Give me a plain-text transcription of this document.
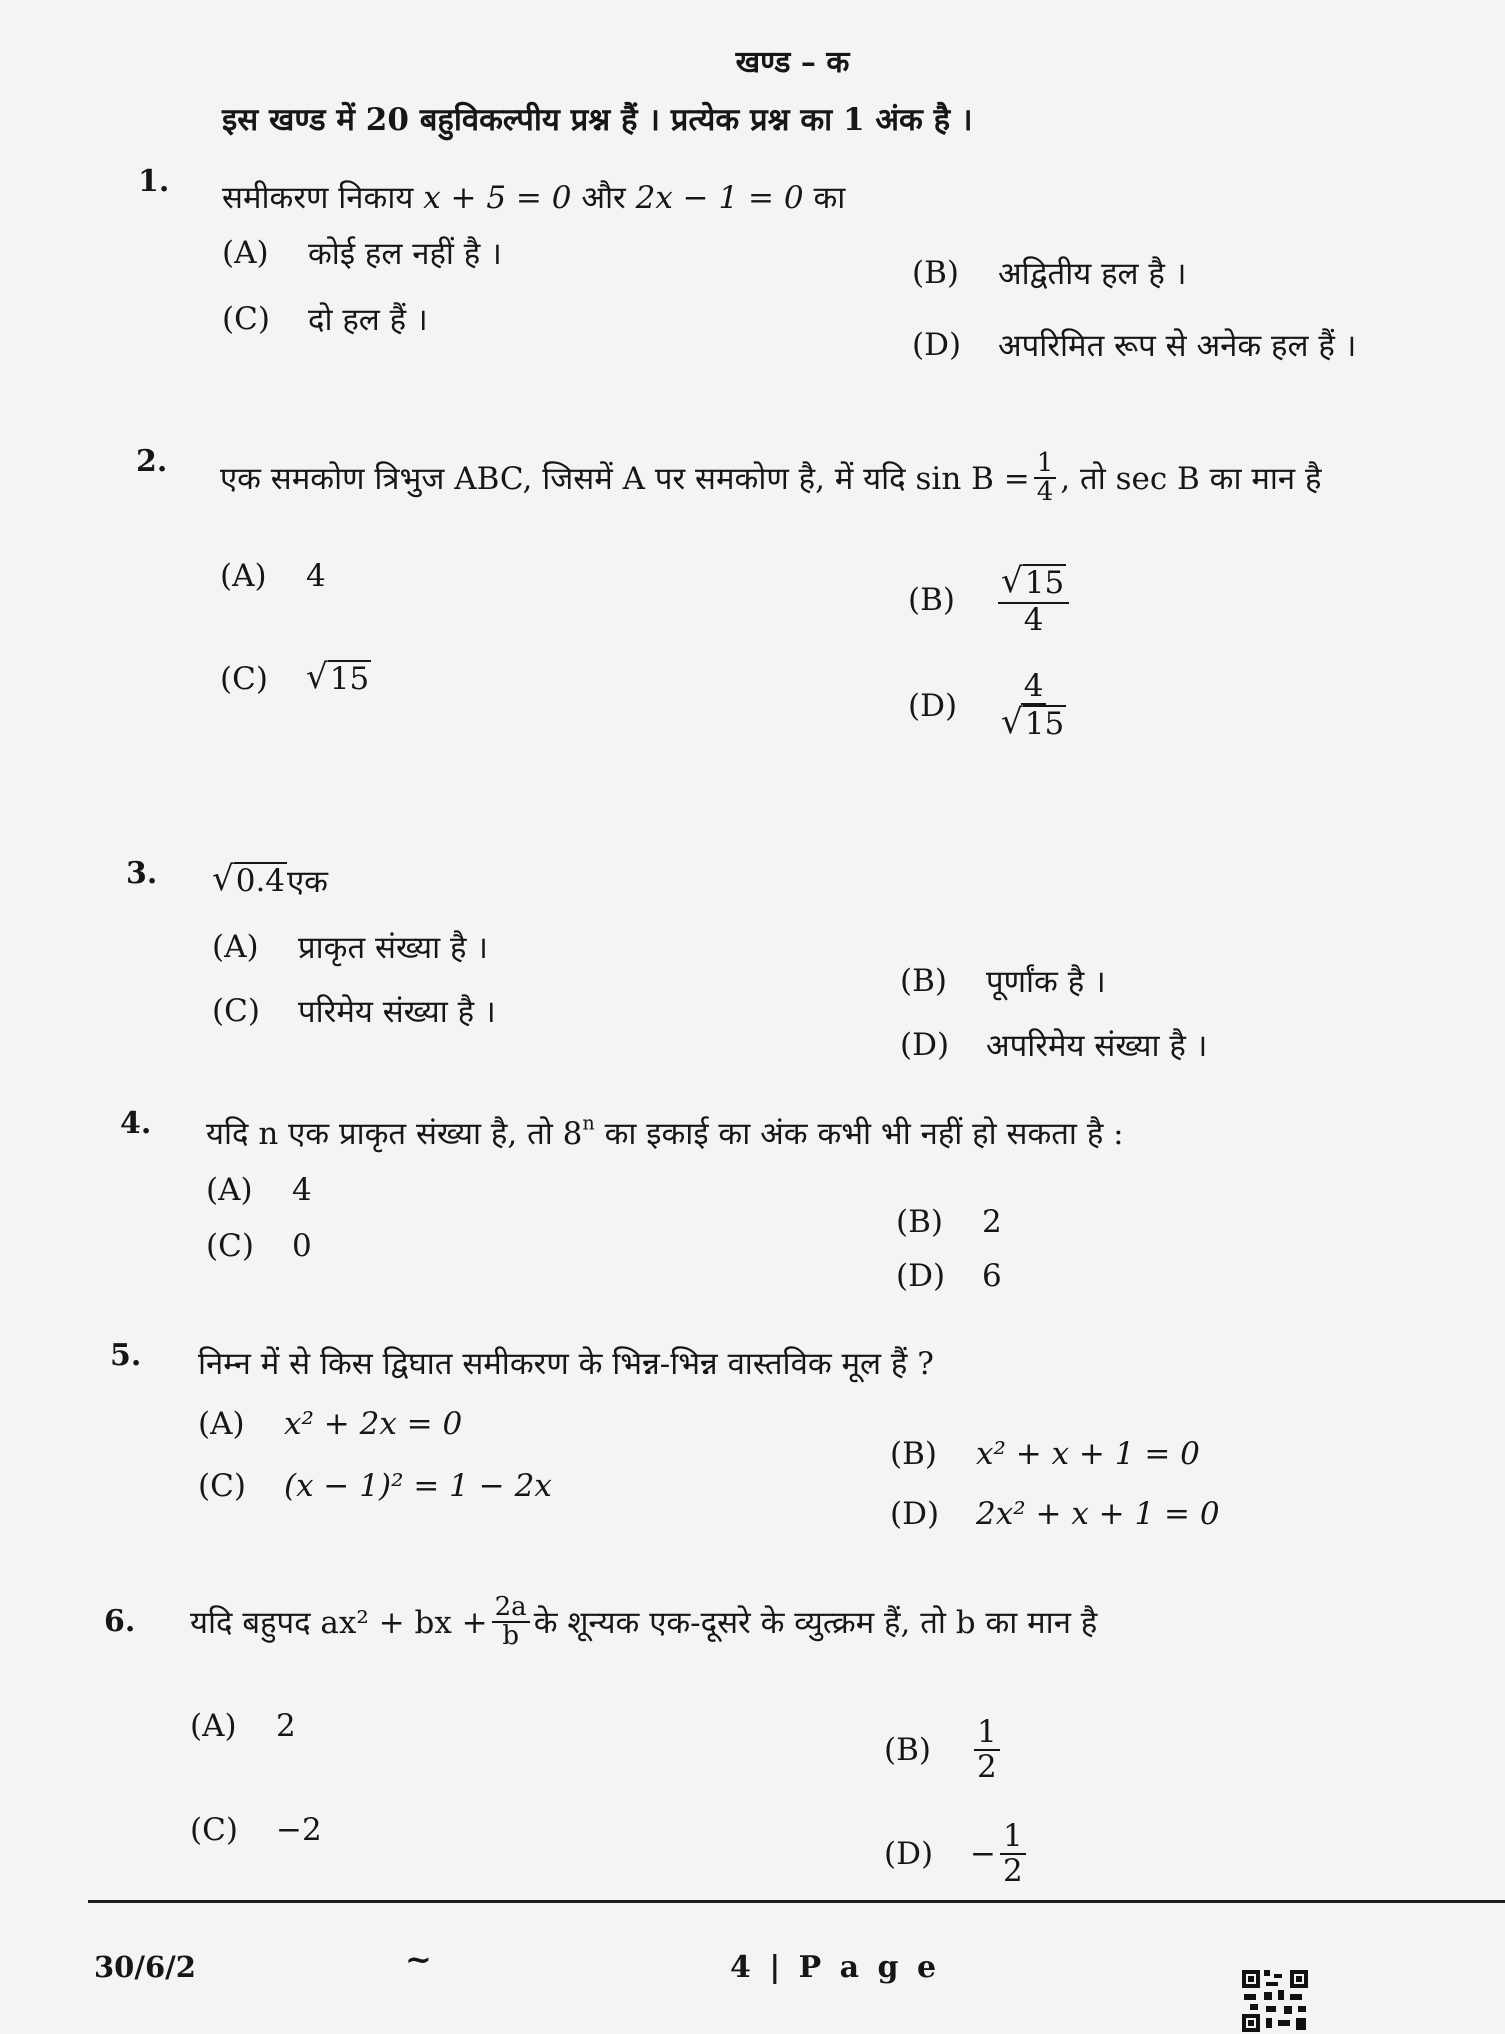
खण्ड – क
इस खण्ड में 20 बहुविकल्पीय प्रश्न हैं । प्रत्येक प्रश्न का 1 अंक है ।
1. समीकरण निकाय x + 5 = 0 और 2x − 1 = 0 का
(A)	कोई हल नहीं है ।
(B)	अद्वितीय हल है ।
(C)	दो हल हैं ।
(D)	अपरिमित रूप से अनेक हल हैं ।
2. एक समकोण त्रिभुज ABC, जिसमें A पर समकोण है, में यदि $\sin B = \frac{1}{4}$ , तो sec B का मान है
(A)	4
(B)	$\frac{√ 15}{4}$
(C)	√ 15
(D)	$\frac{4}{√ 15}$
3. √ 0.4 एक
(A)	प्राकृत संख्या है ।
(B)	पूर्णांक है ।
(C)	परिमेय संख्या है ।
(D)	अपरिमेय संख्या है ।
4. यदि n एक प्राकृत संख्या है, तो 8$^n$ का इकाई का अंक कभी भी नहीं हो सकता है :
(A)	4
(B)	2
(C)	0
(D)	6
5. निम्न में से किस द्विघात समीकरण के भिन्न-भिन्न वास्तविक मूल हैं ?
(A)	x² + 2x = 0
(B)	x² + x + 1 = 0
(C)	(x − 1)² = 1 − 2x
(D)	2x² + x + 1 = 0
6. यदि बहुपद ax² + bx + $\frac{2a}{b}$ के शून्यक एक-दूसरे के व्युत्क्रम हैं, तो b का मान है
(A)	2
(B)	$\frac{1}{2}$
(C)	−2
(D)	− $\frac{1}{2}$
30/6/2	~	4 | P a g e
